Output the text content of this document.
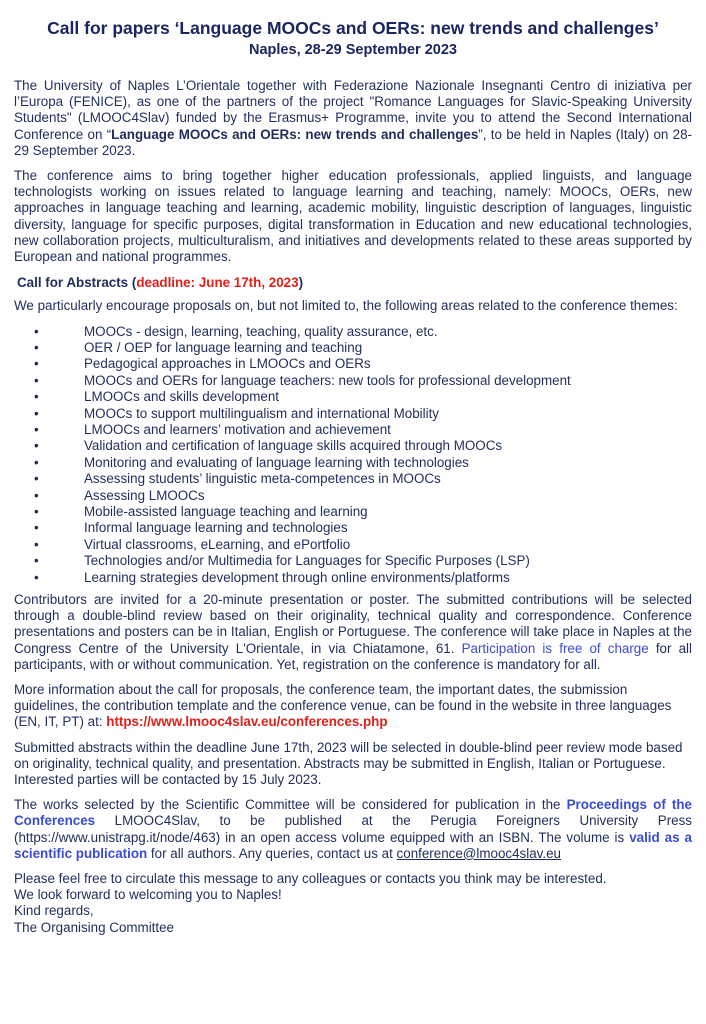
Call for papers ‘Language MOOCs and OERs: new trends and challenges’
Naples, 28-29 September 2023

The University of Naples L’Orientale together with Federazione Nazionale Insegnanti Centro di iniziativa per l’Europa (FENICE), as one of the partners of the project "Romance Languages for Slavic-Speaking University Students" (LMOOC4Slav) funded by the Erasmus+ Programme, invite you to attend the Second International Conference on “Language MOOCs and OERs: new trends and challenges”, to be held in Naples (Italy) on 28-29 September 2023.

The conference aims to bring together higher education professionals, applied linguists, and language technologists working on issues related to language learning and teaching, namely: MOOCs, OERs, new approaches in language teaching and learning, academic mobility, linguistic description of languages, linguistic diversity, language for specific purposes, digital transformation in Education and new educational technologies, new collaboration projects, multiculturalism, and initiatives and developments related to these areas supported by European and national programmes.

Call for Abstracts (deadline: June 17th, 2023)

We particularly encourage proposals on, but not limited to, the following areas related to the conference themes:

•	MOOCs - design, learning, teaching, quality assurance, etc.
•	OER / OEP for language learning and teaching
•	Pedagogical approaches in LMOOCs and OERs
•	MOOCs and OERs for language teachers: new tools for professional development
•	LMOOCs and skills development
•	MOOCs to support multilingualism and international Mobility
•	LMOOCs and learners’ motivation and achievement
•	Validation and certification of language skills acquired through MOOCs
•	Monitoring and evaluating of language learning with technologies
•	Assessing students’ linguistic meta-competences in MOOCs
•	Assessing LMOOCs
•	Mobile-assisted language teaching and learning
•	Informal language learning and technologies
•	Virtual classrooms, eLearning, and ePortfolio
•	Technologies and/or Multimedia for Languages for Specific Purposes (LSP)
•	Learning strategies development through online environments/platforms

Contributors are invited for a 20-minute presentation or poster. The submitted contributions will be selected through a double-blind review based on their originality, technical quality and correspondence. Conference presentations and posters can be in Italian, English or Portuguese. The conference will take place in Naples at the Congress Centre of the University L'Orientale, in via Chiatamone, 61. Participation is free of charge for all participants, with or without communication. Yet, registration on the conference is mandatory for all.

More information about the call for proposals, the conference team, the important dates, the submission guidelines, the contribution template and the conference venue, can be found in the website in three languages (EN, IT, PT) at: https://www.lmooc4slav.eu/conferences.php

Submitted abstracts within the deadline June 17th, 2023 will be selected in double-blind peer review mode based on originality, technical quality, and presentation. Abstracts may be submitted in English, Italian or Portuguese. Interested parties will be contacted by 15 July 2023.

The works selected by the Scientific Committee will be considered for publication in the Proceedings of the Conferences LMOOC4Slav, to be published at the Perugia Foreigners University Press (https://www.unistrapg.it/node/463) in an open access volume equipped with an ISBN. The volume is valid as a scientific publication for all authors. Any queries, contact us at conference@lmooc4slav.eu

Please feel free to circulate this message to any colleagues or contacts you think may be interested.

We look forward to welcoming you to Naples!

Kind regards,

The Organising Committee
